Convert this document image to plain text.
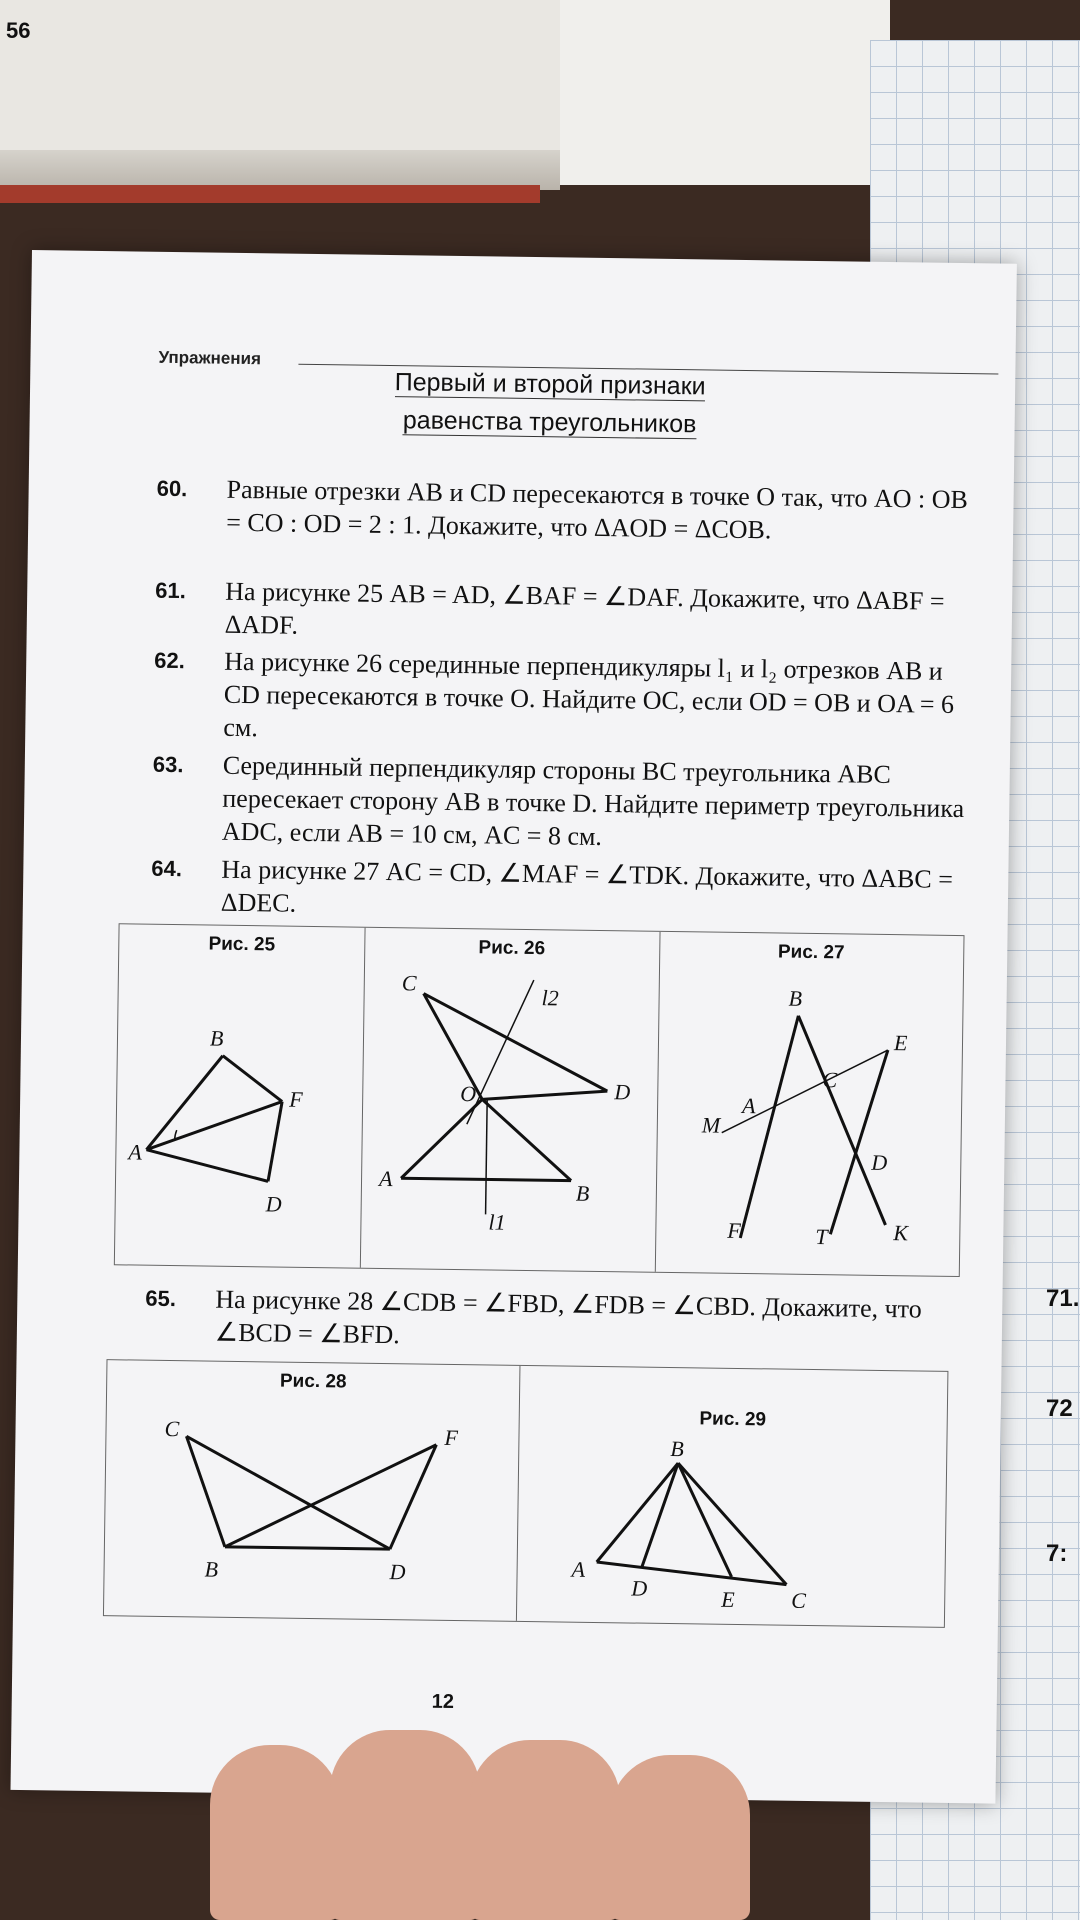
56
71.
72
7:
Упражнения
Первый и второй признаки
равенства треугольников
60. Равные отрезки AB и CD пересекаются в точке O так, что AO : OB = CO : OD = 2 : 1. Докажите, что ΔAOD = ΔCOB.
61. На рисунке 25 AB = AD, ∠BAF = ∠DAF. Докажите, что ΔABF = ΔADF.
62. На рисунке 26 серединные перпендикуляры l₁ и l₂ отрезков AB и CD пересекаются в точке O. Найдите OC, если OD = OB и OA = 6 см.
63. Серединный перпендикуляр стороны BC треугольника ABC пересекает сторону AB в точке D. Найдите периметр треугольника ADC, если AB = 10 см, AC = 8 см.
64. На рисунке 27 AC = CD, ∠MAF = ∠TDK. Докажите, что ΔABC = ΔDEC.
Рис. 25
A
B
F
D
Рис. 26
C
O	D
A
B
l2
l1
Рис. 27
B
E
A
C
M
D
F	T	K
65. На рисунке 28 ∠CDB = ∠FBD, ∠FDB = ∠CBD. Докажите, что ∠BCD = ∠BFD.
Рис. 28
C	F
B	D
Рис. 29
B
A
D	E	C
12
